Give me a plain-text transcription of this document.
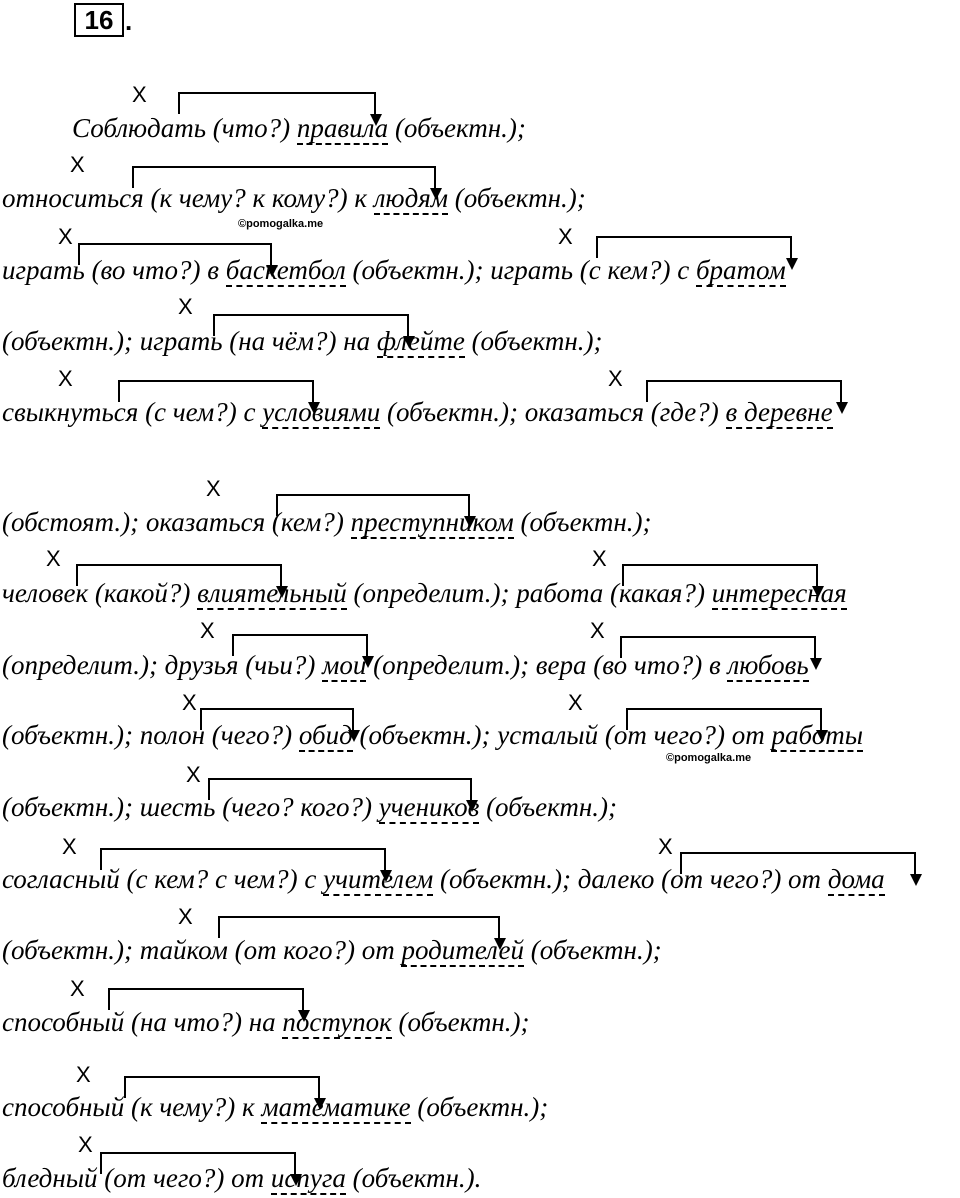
16 .
Соблюдать (что?) правила (объектн.);
относиться (к чему? к кому?) к людям (объектн.);
играть (во что?) в баскетбол (объектн.); играть (с кем?) с братом
(объектн.); играть (на чём?) на флейте (объектн.);
свыкнуться (с чем?) с условиями (объектн.); оказаться (где?) в деревне
(обстоят.); оказаться (кем?) преступником (объектн.);
человек (какой?) влиятельный (определит.); работа (какая?) интересная
(определит.); друзья (чьи?) мои (определит.); вера (во что?) в любовь
(объектн.); полон (чего?) обид (объектн.); усталый (от чего?) от работы
(объектн.); шесть (чего? кого?) учеников (объектн.);
согласный (с кем? с чем?) с учителем (объектн.); далеко (от чего?) от дома
(объектн.); тайком (от кого?) от родителей (объектн.);
способный (на что?) на поступок (объектн.);
способный (к чему?) к математике (объектн.);
бледный (от чего?) от испуга (объектн.).
X
X
X	X
X
X	X
X
X	X
X	X
X	X
X
X	X
X
X
X
X
©pomogalka.me
©pomogalka.me
